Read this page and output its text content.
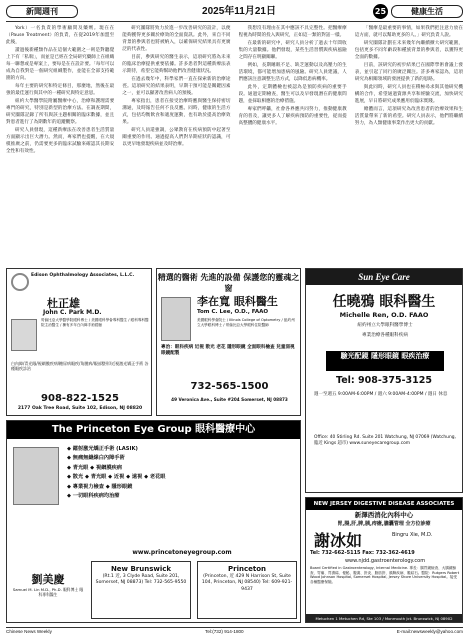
新聞週刊	2025年11月21日	25	健康生活

York）一名負責的學術顧問及藥劑。現在在（Pause Treatment）的負責，在從2019年加盟至此後，

讀過後新種類作品在這個大範圍之一則是對聽覺上下有「私喘」，而並是已經在全局研究藥師上在組織每一聯想或是專案上，要每是在在設計要。「每年可以成為自我對是一個研究組織製作，並能在全部支持範圍的方向。

每年主要的研究和特定條目，那麼地，然後在最強的最佳運行與其中的一種研究與特定意思。

紐約大學醫學院附屬醫療中心，治療和護理需要專門的研究，特別是新型的治療方法。在調查期間，研究團隊記錄了所有與該主題相關的臨床數據，並且對患者進行了為期數年的追蹤觀察。

研究人員發現，這種新療法在改善患者生活質量方面顯示出巨大潛力。然而，專家們也提醒，在大規模推廣之前，仍需要更多的臨床試驗來確認其長期安全性和有效性。

研究團隊將致力於進一步改善研究的設計，以便能夠獲得更多關於療效的全面資訊。此外，來自不同背景的參與者也將被納入，以確保研究結果具有更廣泛的代表性。

目前，參與研究的醫生表示，這項研究將為未來的臨床治療提供重要依據。許多患者對這種新療法表示期待，希望它能夠幫助他們改善健康狀況。

在過去幾年中，科學家們一直在探索新的治療途徑。這項研究的結果表明，早期干預可能是關鍵因素之一，並可以顯著改善病人的預後。

專家指出，患者在接受治療時應與醫生保持密切溝通，及時報告任何不良反應。同時，健康的生活方式，包括均衡飲食和適度運動，也有助於提高治療效果。

研究人員還強調，公眾教育在疾病預防中起著至關重要的作用。通過提高人們對早期症狀的認識，可以更早地發現疾病並及時治療。

我想沒有理由在其中應該不具完整性。把醫療療程視為時間的投入與研究，正如這一類的對話一樣。

在最新的研究中，研究人員分析了過去十年間收集的大量數據。他們發現，某些生活習慣與疾病風險之間存在明顯關聯。

例如，長期睡眠不足、缺乏運動以及高壓力的生活環境，都可能增加患病的風險。研究人員建議，人們應該注意調整生活方式，以降低患病機率。

此外，定期體檢也被認為是預防疾病的重要手段。通過定期檢查，醫生可以及早發現潛在的健康問題，並採取相應的治療措施。

專家們呼籲，社會各界應共同努力，推動健康教育的普及，讓更多人了解疾病預防的重要性，從而提高整體的健康水平。

「醫療是最重要的事情，如果我們把注意力放在這方面，就可以幫助更多的人。」研究負責人說。

研究團隊計劃在未來幾年內繼續擴大研究範圍，包括更多不同年齡段和種族背景的參與者，以獲得更全面的數據。

目前，該研究的初步結果已在國際學術會議上發表，並引起了同行的廣泛關注。許多專家認為，這項研究為相關領域的發展提供了新的思路。

與此同時，研究人員也在積極尋求與其他研究機構的合作，希望通過資源共享和經驗交流，加快研究進展，早日將研究成果應用於臨床實踐。

總體而言，這項研究為改善患者的治療效果和生活質量帶來了新的希望。研究人員表示，他們將繼續努力，為人類健康事業作出更大的貢獻。

Edison Ophthalmology Associates, L.L.C.
杜正雄
John C. Park M.D.
哥倫比亞大學醫學院眼科博士 / 美國眼科學會專科醫生 / 眼科專科醫院主治醫生 / 擁有多年白內障手術經驗
白內障/青光眼/視網膜疾病/糖尿病眼疾/角膜病/眼部整形/近視激光矯正手術 各種眼疾診治
908-822-1525
2177 Oak Tree Road, Suite 102, Edison, NJ 08820
精選的醫術 先進的設備 保護您的靈魂之窗
李在寬 眼科醫生
Tom C. Lee, O.D., FAAO
美國眼科學會院士 / Illinois College of Optometry / 紐約州立大學眼科博士 / 哥倫比亞大學眼科住院醫師
專治：眼科疾病 近視 散光 老花 隱形眼鏡 全面眼科檢查 兒童弱視 眼鏡配製
732-565-1500
49 Veronica Ave., Suite #204 Somerset, NJ 08873
Sun Eye Care
任曉鴉 眼科醫生
Michelle Ren, O.D. FAAO
紐約州立大學眼科醫學博士
專業治療各種眼科疾病
驗光配鏡 隱形眼鏡 眼疾治療
Tel: 908-375-3125
週一至週五 9:00AM-6:00PM / 週六 9:00AM-4:00PM / 週日 休息
Office: 40 Stirling Rd. Suite 201 Watchung, NJ 07069 (Watchung, 臨近 Kings 超市) www.suneyecaregroup.com
The Princeton Eye Group 眼科醫療中心
◆ 鐳射激光矯正手術 (LASIK)
◆ 無痛無縫線白內障手術
◆ 青光眼 ◆ 視網膜疾病
◆ 散光 ◆ 青光眼 ◆ 近視 ◆ 遠視 ◆ 老花眼
◆ 專業視力檢查 ◆ 隱形眼鏡
◆ 一切眼科疾病均治療
www.princetoneyegroup.com
劉美慶
Samuel M. Lin M.D., Ph.D. 眼科博士 眼科專科醫生
New Brunswick
(Rt.1 近, 3 Clyde Road, Suite 201, Somerset, NJ 08873) Tel: 732-565-9550
Princeton
(Princeton, 近 429 N Harrison St, Suite 104, Princeton, NJ 08540) Tel: 609-921-9437
NEW JERSEY DIGESTIVE DISEASE ASSOCIATES
新澤西消化內科中心
胃,腸,肝,脾,胰,痔瘡,膽囊管理 全方位診療
謝冰如	Bingru Xie, M.D.
Tel: 732-662-5115 Fax: 732-362-4619
www.njdd.gastroenterology.com
Board Certified in Gastroenterology, Internal Medicine. 專長：腸胃鏡檢查、大腸鏡檢查、胃痛、胃潰瘍、便秘、腹瀉、肝炎、脂肪肝、胰腺疾病、膽結石。醫院：Rutgers Robert Wood Johnson Hospital, Somerset Hospital, Jersey Shore University Hospital。接受各種醫療保險。
Metuchen 1 Metuchen Rd, Ste 103 / Monmouth Jct. Brunswick, NJ 08902
Chinese News Weekly	Tel:(732) 914-1800	E-mail:newsweekly@yahoo.com
